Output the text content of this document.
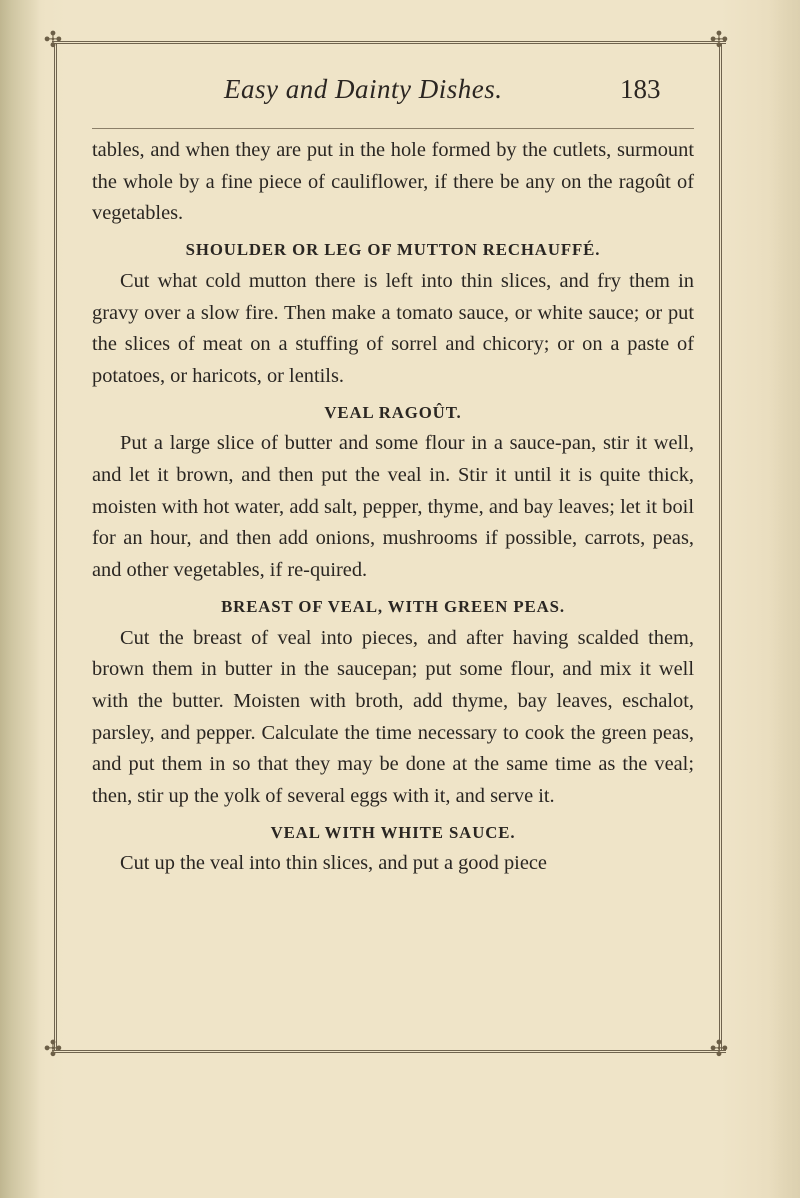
✣	✣
✣	✣
Easy and Dainty Dishes.	183

tables, and when they are put in the hole formed by the cutlets, surmount the whole by a fine piece of cauliflower, if there be any on the ragoût of vegetables.

SHOULDER OR LEG OF MUTTON RECHAUFFÉ.

Cut what cold mutton there is left into thin slices, and fry them in gravy over a slow fire. Then make a tomato sauce, or white sauce; or put the slices of meat on a stuffing of sorrel and chicory; or on a paste of potatoes, or haricots, or lentils.

VEAL RAGOÛT.

Put a large slice of butter and some flour in a sauce-pan, stir it well, and let it brown, and then put the veal in. Stir it until it is quite thick, moisten with hot water, add salt, pepper, thyme, and bay leaves; let it boil for an hour, and then add onions, mushrooms if possible, carrots, peas, and other vegetables, if re-quired.

BREAST OF VEAL, WITH GREEN PEAS.

Cut the breast of veal into pieces, and after having scalded them, brown them in butter in the saucepan; put some flour, and mix it well with the butter. Moisten with broth, add thyme, bay leaves, eschalot, parsley, and pepper. Calculate the time necessary to cook the green peas, and put them in so that they may be done at the same time as the veal; then, stir up the yolk of several eggs with it, and serve it.

VEAL WITH WHITE SAUCE.

Cut up the veal into thin slices, and put a good piece
